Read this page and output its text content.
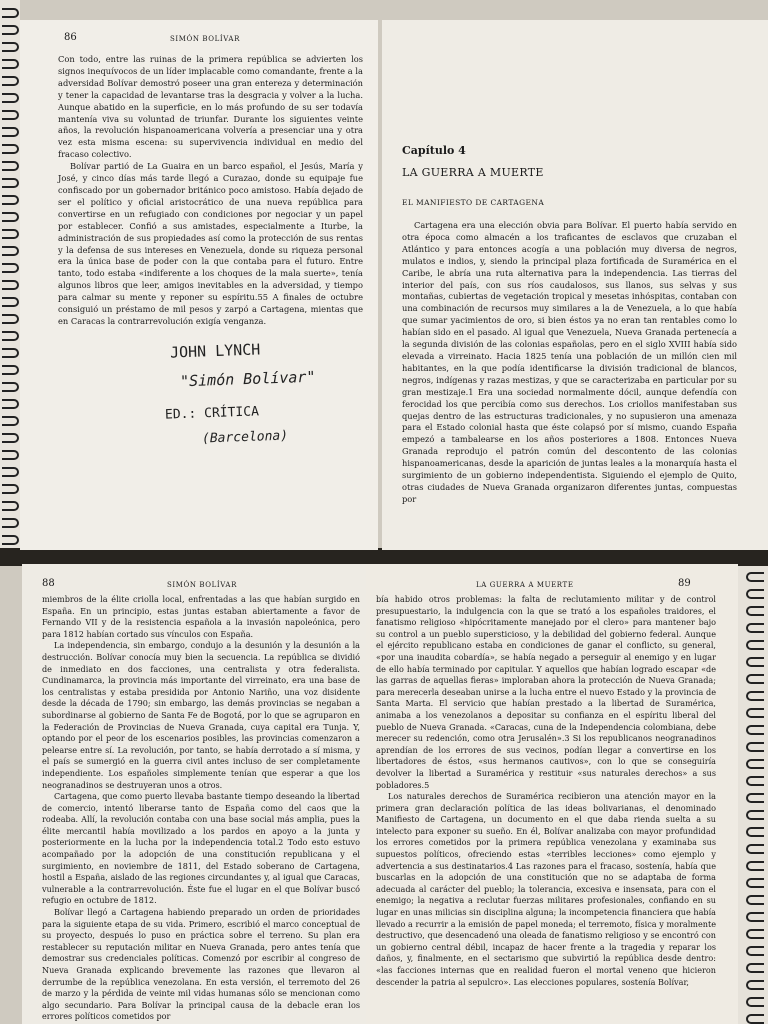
86	SIMÓN BOLÍVAR

Con todo, entre las ruinas de la primera república se advierten los signos inequívocos de un líder implacable como comandante, frente a la adversidad Bolívar demostró poseer una gran entereza y determinación y tener la capacidad de levantarse tras la desgracia y volver a la lucha. Aunque abatido en la superficie, en lo más profundo de su ser todavía mantenía viva su voluntad de triunfar. Durante los siguientes veinte años, la revolución hispanoamericana volvería a presenciar una y otra vez esta misma escena: su supervivencia individual en medio del fracaso colectivo.

Bolívar partió de La Guaira en un barco español, el Jesús, María y José, y cinco días más tarde llegó a Curazao, donde su equipaje fue confiscado por un gobernador británico poco amistoso. Había dejado de ser el político y oficial aristocrático de una nueva república para convertirse en un refugiado con condiciones por negociar y un papel por establecer. Confió a sus amistades, especialmente a Iturbe, la administración de sus propiedades así como la protección de sus rentas y la defensa de sus intereses en Venezuela, donde su riqueza personal era la única base de poder con la que contaba para el futuro. Entre tanto, todo estaba «indiferente a los choques de la mala suerte», tenía algunos libros que leer, amigos inevitables en la adversidad, y tiempo para calmar su mente y reponer su espíritu.55 A finales de octubre consiguió un préstamo de mil pesos y zarpó a Cartagena, mientas que en Caracas la contrarrevolución exigía venganza.

JOHN LYNCH
"Simón Bolívar"
ED.: CRÍTICA
(Barcelona)
Capítulo 4
LA GUERRA A MUERTE
EL MANIFIESTO DE CARTAGENA

Cartagena era una elección obvia para Bolívar. El puerto había servido en otra época como almacén a los traficantes de esclavos que cruzaban el Atlántico y para entonces acogía a una población muy diversa de negros, mulatos e indios, y, siendo la principal plaza fortificada de Suramérica en el Caribe, le abría una ruta alternativa para la independencia. Las tierras del interior del país, con sus ríos caudalosos, sus llanos, sus selvas y sus montañas, cubiertas de vegetación tropical y mesetas inhóspitas, contaban con una combinación de recursos muy similares a la de Venezuela, a lo que había que sumar yacimientos de oro, si bien éstos ya no eran tan rentables como lo habían sido en el pasado. Al igual que Venezuela, Nueva Granada pertenecía a la segunda división de las colonias españolas, pero en el siglo XVIII había sido elevada a virreinato. Hacia 1825 tenía una población de un millón cien mil habitantes, en la que podía identificarse la división tradicional de blancos, negros, indígenas y razas mestizas, y que se caracterizaba en particular por su gran mestizaje.1 Era una sociedad normalmente dócil, aunque defendía con ferocidad los que percibía como sus derechos. Los criollos manifestaban sus quejas dentro de las estructuras tradicionales, y no supusieron una amenaza para el Estado colonial hasta que éste colapsó por sí mismo, cuando España empezó a tambalearse en los años posteriores a 1808. Entonces Nueva Granada reprodujo el patrón común del descontento de las colonias hispanoamericanas, desde la aparición de juntas leales a la monarquía hasta el surgimiento de un gobierno independentista. Siguiendo el ejemplo de Quito, otras ciudades de Nueva Granada organizaron diferentes juntas, compuestas por

88	SIMÓN BOLÍVAR

miembros de la élite criolla local, enfrentadas a las que habían surgido en España. En un principio, estas juntas estaban abiertamente a favor de Fernando VII y de la resistencia española a la invasión napoleónica, pero para 1812 habían cortado sus vínculos con España.

La independencia, sin embargo, condujo a la desunión y la desunión a la destrucción. Bolívar conocía muy bien la secuencia. La república se dividió de inmediato en dos facciones, una centralista y otra federalista. Cundinamarca, la provincia más importante del virreinato, era una base de los centralistas y estaba presidida por Antonio Nariño, una voz disidente desde la década de 1790; sin embargo, las demás provincias se negaban a subordinarse al gobierno de Santa Fe de Bogotá, por lo que se agruparon en la Federación de Provincias de Nueva Granada, cuya capital era Tunja. Y, optando por el peor de los escenarios posibles, las provincias comenzaron a pelearse entre sí. La revolución, por tanto, se había derrotado a sí misma, y el país se sumergió en la guerra civil antes incluso de ser completamente independiente. Los españoles simplemente tenían que esperar a que los neogranadinos se destruyeran unos a otros.

Cartagena, que como puerto llevaba bastante tiempo deseando la libertad de comercio, intentó liberarse tanto de España como del caos que la rodeaba. Allí, la revolución contaba con una base social más amplia, pues la élite mercantil había movilizado a los pardos en apoyo a la junta y posteriormente en la lucha por la independencia total.2 Todo esto estuvo acompañado por la adopción de una constitución republicana y el surgimiento, en noviembre de 1811, del Estado soberano de Cartagena, hostil a España, aislado de las regiones circundantes y, al igual que Caracas, vulnerable a la contrarrevolución. Éste fue el lugar en el que Bolívar buscó refugio en octubre de 1812.

Bolívar llegó a Cartagena habiendo preparado un orden de prioridades para la siguiente etapa de su vida. Primero, escribió el marco conceptual de su proyecto, después lo puso en práctica sobre el terreno. Su plan era restablecer su reputación militar en Nueva Granada, pero antes tenía que demostrar sus credenciales políticas. Comenzó por escribir al congreso de Nueva Granada explicando brevemente las razones que llevaron al derrumbe de la república venezolana. En esta versión, el terremoto del 26 de marzo y la pérdida de veinte mil vidas humanas sólo se mencionan como algo secundario. Para Bolívar la principal causa de la debacle eran los errores políticos cometidos por

LA GUERRA A MUERTE	89

bía habido otros problemas: la falta de reclutamiento militar y de control presupuestario, la indulgencia con la que se trató a los españoles traidores, el fanatismo religioso «hipócritamente manejado por el clero» para mantener bajo su control a un pueblo supersticioso, y la debilidad del gobierno federal. Aunque el ejército republicano estaba en condiciones de ganar el conflicto, su general, «por una inaudita cobardía», se había negado a perseguir al enemigo y en lugar de ello había terminado por capitular. Y aquellos que habían logrado escapar «de las garras de aquellas fieras» imploraban ahora la protección de Nueva Granada; para merecerla deseaban unirse a la lucha entre el nuevo Estado y la provincia de Santa Marta. El servicio que habían prestado a la libertad de Suramérica, animaba a los venezolanos a depositar su confianza en el espíritu liberal del pueblo de Nueva Granada. «Caracas, cuna de la Independencia colombiana, debe merecer su redención, como otra Jerusalén».3 Si los republicanos neogranadinos aprendían de los errores de sus vecinos, podían llegar a convertirse en los libertadores de éstos, «sus hermanos cautivos», con lo que se conseguiría devolver la libertad a Suramérica y restituir «sus naturales derechos» a sus pobladores.5

Los naturales derechos de Suramérica recibieron una atención mayor en la primera gran declaración política de las ideas bolivarianas, el denominado Manifiesto de Cartagena, un documento en el que daba rienda suelta a su intelecto para exponer su sueño. En él, Bolívar analizaba con mayor profundidad los errores cometidos por la primera república venezolana y examinaba sus supuestos políticos, ofreciendo estas «terribles lecciones» como ejemplo y advertencia a sus destinatarios.4 Las razones para el fracaso, sostenía, había que buscarlas en la adopción de una constitución que no se adaptaba de forma adecuada al carácter del pueblo; la tolerancia, excesiva e insensata, para con el enemigo; la negativa a reclutar fuerzas militares profesionales, confiando en su lugar en unas milicias sin disciplina alguna; la incompetencia financiera que había llevado a recurrir a la emisión de papel moneda; el terremoto, física y moralmente destructivo, que desencadenó una oleada de fanatismo religioso y se encontró con un gobierno central débil, incapaz de hacer frente a la tragedia y reparar los daños, y, finalmente, en el sectarismo que subvirtió la república desde dentro: «las facciones internas que en realidad fueron el mortal veneno que hicieron descender la patria al sepulcro». Las elecciones populares, sostenía Bolívar,
